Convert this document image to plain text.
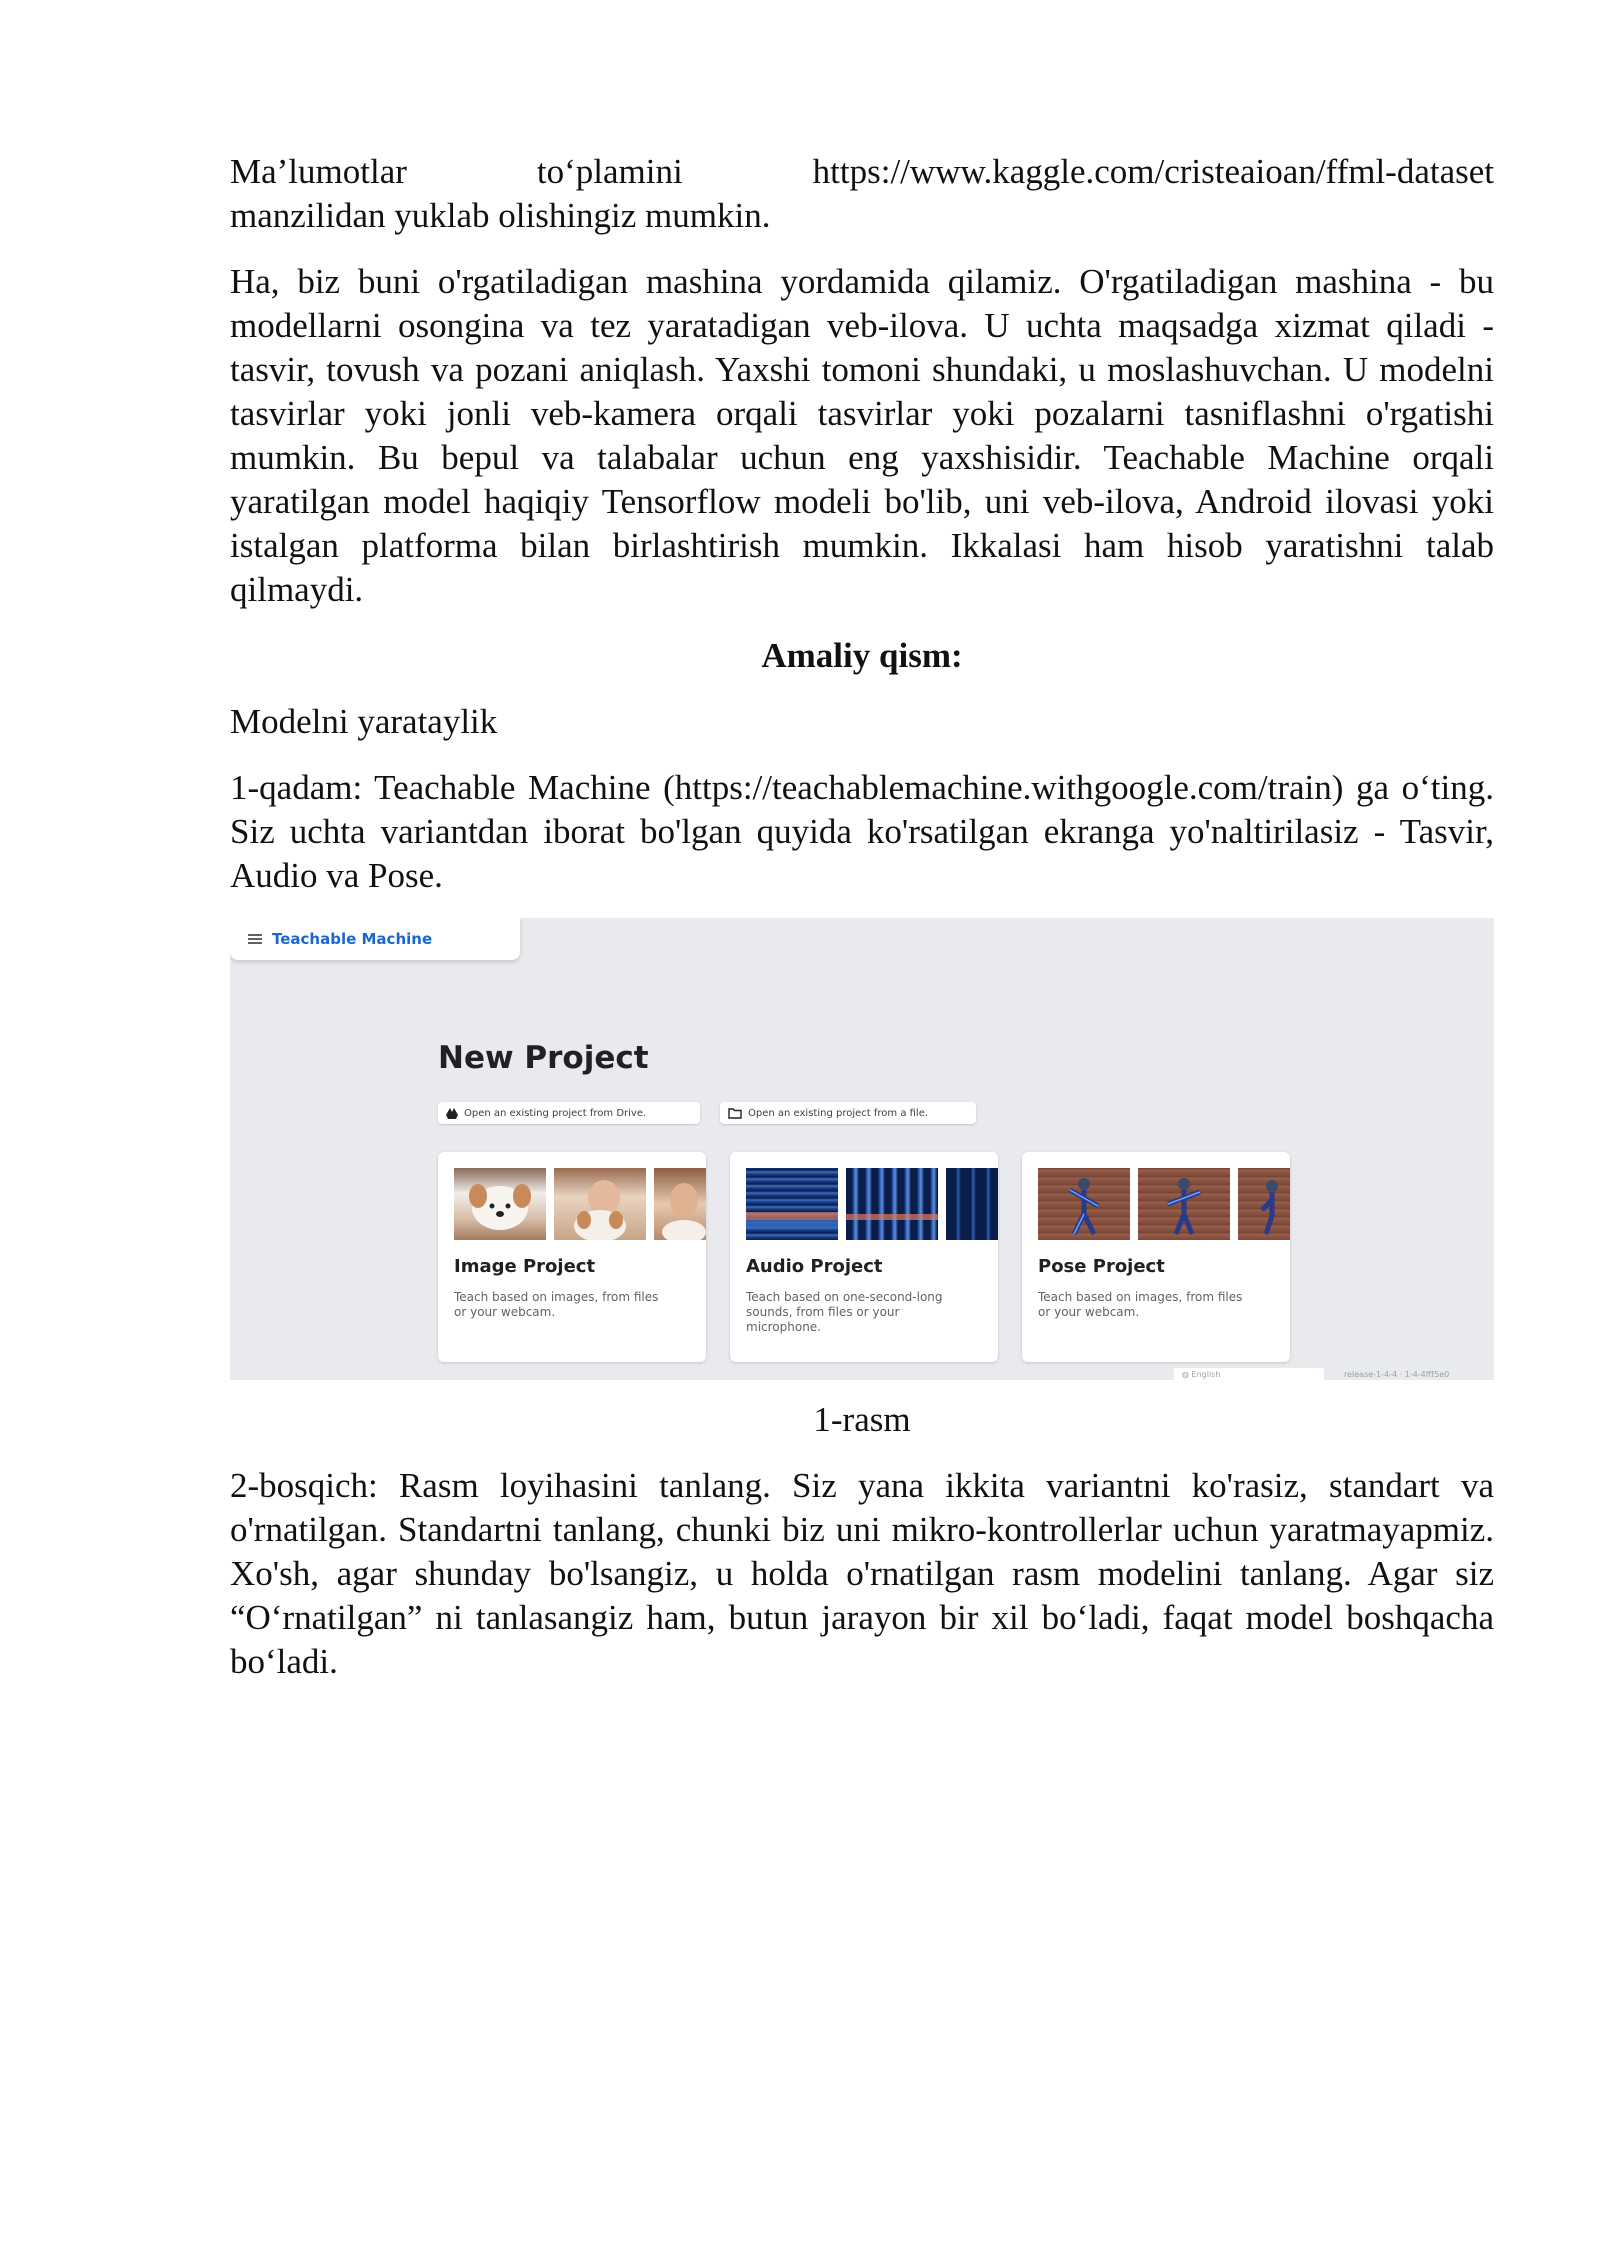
Ma’lumotlar	to‘plamini	https://www.kaggle.com/cristeaioan/ffml-dataset

manzilidan yuklab olishingiz mumkin.

Ha, biz buni o'rgatiladigan mashina yordamida qilamiz. O'rgatiladigan mashina - bu modellarni osongina va tez yaratadigan veb-ilova. U uchta maqsadga xizmat qiladi - tasvir, tovush va pozani aniqlash. Yaxshi tomoni shundaki, u moslashuvchan. U modelni tasvirlar yoki jonli veb-kamera orqali tasvirlar yoki pozalarni tasniflashni o'rgatishi mumkin. Bu bepul va talabalar uchun eng yaxshisidir. Teachable Machine orqali yaratilgan model haqiqiy Tensorflow modeli bo'lib, uni veb-ilova, Android ilovasi yoki istalgan platforma bilan birlashtirish mumkin. Ikkalasi ham hisob yaratishni talab qilmaydi.

Amaliy qism:

Modelni yarataylik

1-qadam: Teachable Machine (https://teachablemachine.withgoogle.com/train) ga o‘ting. Siz uchta variantdan iborat bo'lgan quyida ko'rsatilgan ekranga yo'naltirilasiz - Tasvir, Audio va Pose.

Teachable Machine
New Project
Open an existing project from Drive.	Open an existing project from a file.
Image Project
Teach based on images, from files or your webcam.
Audio Project
Teach based on one-second-long sounds, from files or your microphone.
Pose Project
Teach based on images, from files or your webcam.
◍ English	release-1-4-4 · 1-4-4fff5e0
1-rasm

2-bosqich: Rasm loyihasini tanlang. Siz yana ikkita variantni ko'rasiz, standart va o'rnatilgan. Standartni tanlang, chunki biz uni mikro-kontrollerlar uchun yaratmayapmiz. Xo'sh, agar shunday bo'lsangiz, u holda o'rnatilgan rasm modelini tanlang. Agar siz “O‘rnatilgan” ni tanlasangiz ham, butun jarayon bir xil bo‘ladi, faqat model boshqacha bo‘ladi.
